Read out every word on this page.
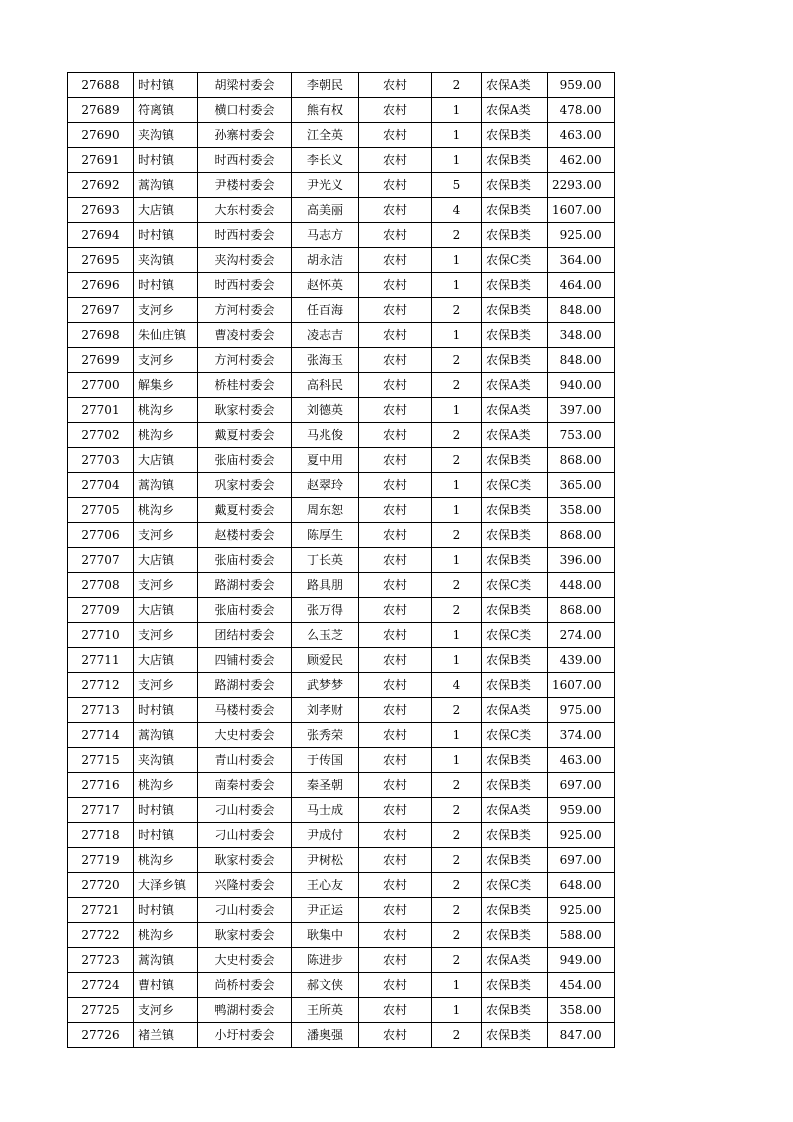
27688	时村镇	胡梁村委会	李朝民	农村	2	农保A类	959.00
27689	符离镇	横口村委会	熊有权	农村	1	农保A类	478.00
27690	夹沟镇	孙寨村委会	江全英	农村	1	农保B类	463.00
27691	时村镇	时西村委会	李长义	农村	1	农保B类	462.00
27692	蒿沟镇	尹楼村委会	尹光义	农村	5	农保B类	2293.00
27693	大店镇	大东村委会	高美丽	农村	4	农保B类	1607.00
27694	时村镇	时西村委会	马志方	农村	2	农保B类	925.00
27695	夹沟镇	夹沟村委会	胡永洁	农村	1	农保C类	364.00
27696	时村镇	时西村委会	赵怀英	农村	1	农保B类	464.00
27697	支河乡	方河村委会	任百海	农村	2	农保B类	848.00
27698	朱仙庄镇	曹凌村委会	凌志吉	农村	1	农保B类	348.00
27699	支河乡	方河村委会	张海玉	农村	2	农保B类	848.00
27700	解集乡	桥桂村委会	高科民	农村	2	农保A类	940.00
27701	桃沟乡	耿家村委会	刘德英	农村	1	农保A类	397.00
27702	桃沟乡	戴夏村委会	马兆俊	农村	2	农保A类	753.00
27703	大店镇	张庙村委会	夏中用	农村	2	农保B类	868.00
27704	蒿沟镇	巩家村委会	赵翠玲	农村	1	农保C类	365.00
27705	桃沟乡	戴夏村委会	周东恕	农村	1	农保B类	358.00
27706	支河乡	赵楼村委会	陈厚生	农村	2	农保B类	868.00
27707	大店镇	张庙村委会	丁长英	农村	1	农保B类	396.00
27708	支河乡	路湖村委会	路具朋	农村	2	农保C类	448.00
27709	大店镇	张庙村委会	张万得	农村	2	农保B类	868.00
27710	支河乡	团结村委会	么玉芝	农村	1	农保C类	274.00
27711	大店镇	四铺村委会	顾爱民	农村	1	农保B类	439.00
27712	支河乡	路湖村委会	武梦梦	农村	4	农保B类	1607.00
27713	时村镇	马楼村委会	刘孝财	农村	2	农保A类	975.00
27714	蒿沟镇	大史村委会	张秀荣	农村	1	农保C类	374.00
27715	夹沟镇	青山村委会	于传国	农村	1	农保B类	463.00
27716	桃沟乡	南秦村委会	秦圣朝	农村	2	农保B类	697.00
27717	时村镇	刁山村委会	马士成	农村	2	农保A类	959.00
27718	时村镇	刁山村委会	尹成付	农村	2	农保B类	925.00
27719	桃沟乡	耿家村委会	尹树松	农村	2	农保B类	697.00
27720	大泽乡镇	兴隆村委会	王心友	农村	2	农保C类	648.00
27721	时村镇	刁山村委会	尹正运	农村	2	农保B类	925.00
27722	桃沟乡	耿家村委会	耿集中	农村	2	农保B类	588.00
27723	蒿沟镇	大史村委会	陈进步	农村	2	农保A类	949.00
27724	曹村镇	尚桥村委会	郝文侠	农村	1	农保B类	454.00
27725	支河乡	鸭湖村委会	王所英	农村	1	农保B类	358.00
27726	褚兰镇	小圩村委会	潘奥强	农村	2	农保B类	847.00
